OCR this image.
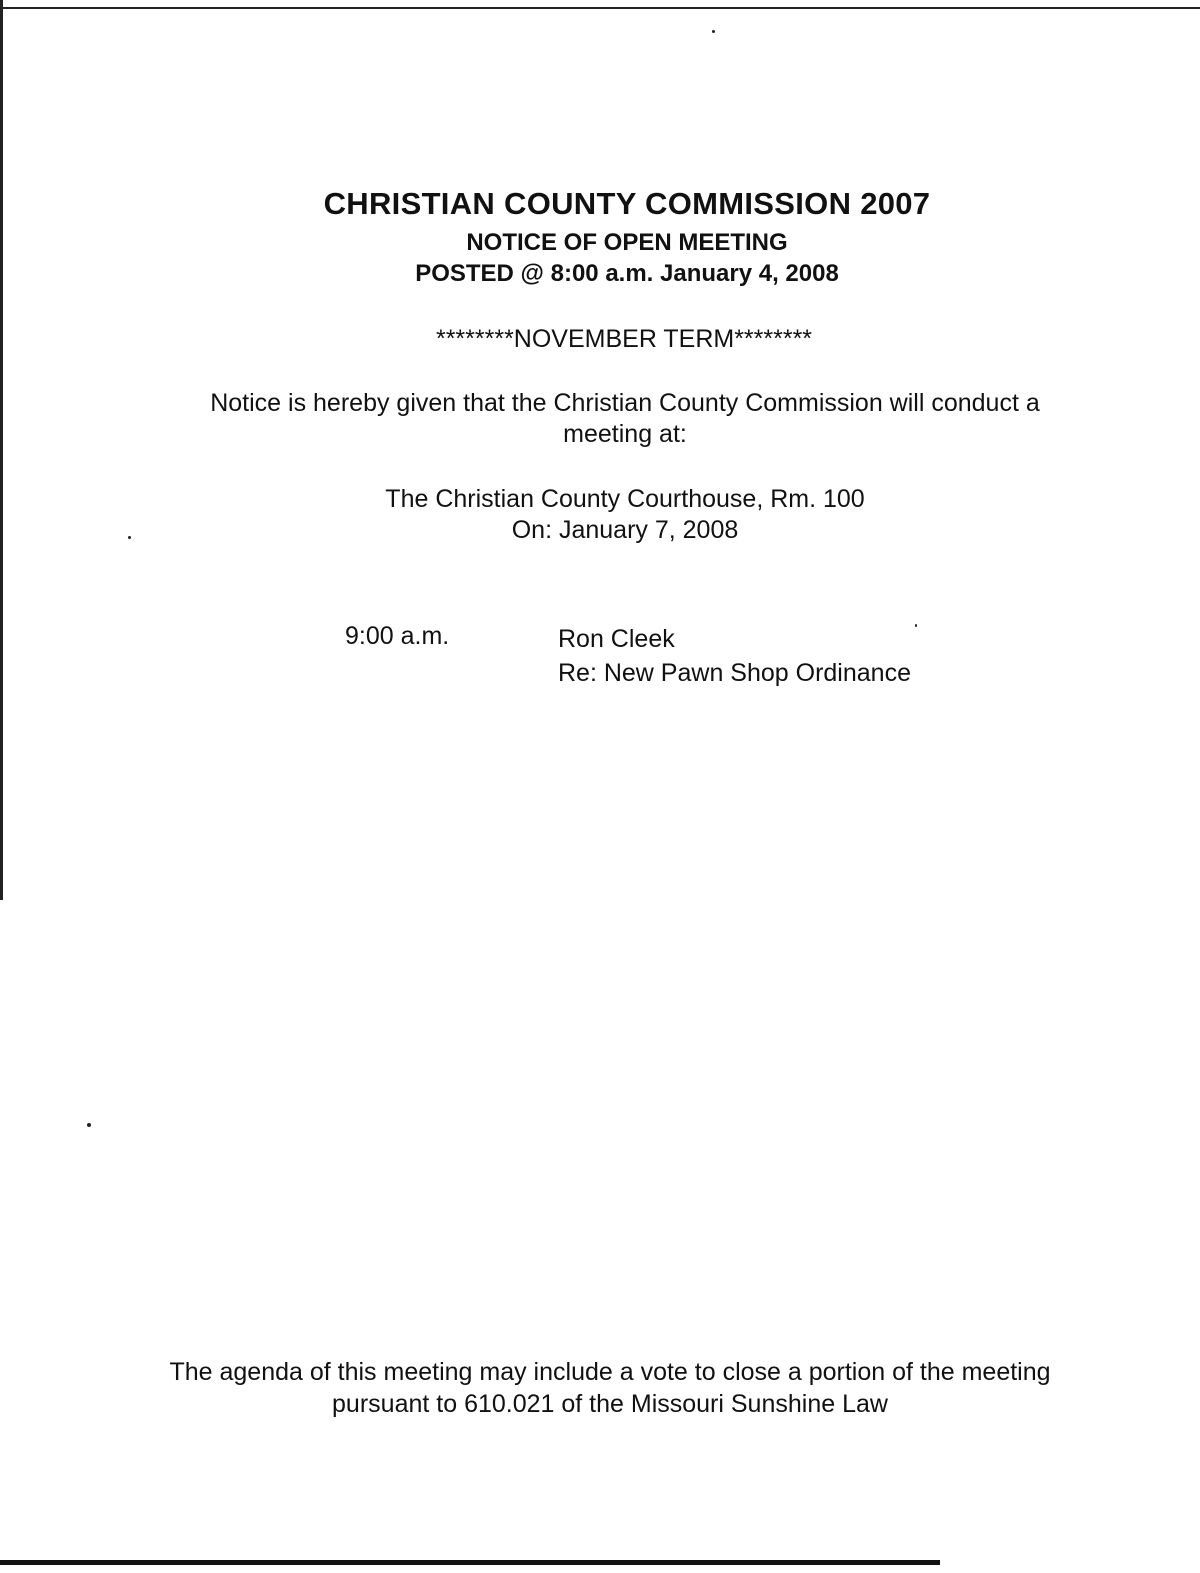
CHRISTIAN COUNTY COMMISSION 2007
NOTICE OF OPEN MEETING
POSTED @ 8:00 a.m. January 4, 2008
********NOVEMBER TERM********
Notice is hereby given that the Christian County Commission will conduct a
meeting at:
The Christian County Courthouse, Rm. 100
On: January 7, 2008
9:00 a.m.	Ron Cleek
Re: New Pawn Shop Ordinance
The agenda of this meeting may include a vote to close a portion of the meeting
pursuant to 610.021 of the Missouri Sunshine Law
